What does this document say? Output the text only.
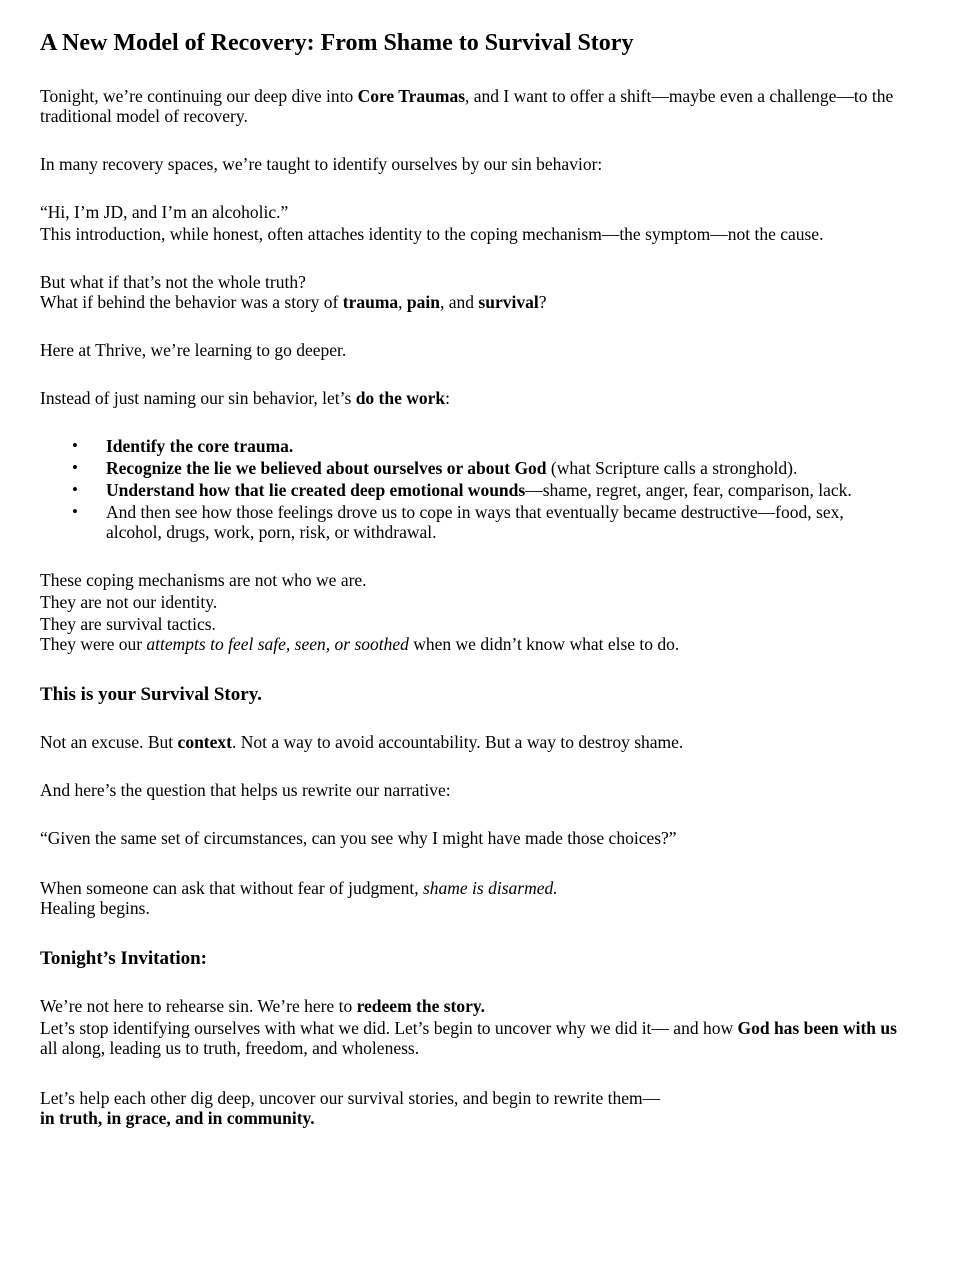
A New Model of Recovery: From Shame to Survival Story

Tonight, we’re continuing our deep dive into Core Traumas, and I want to offer a shift—maybe even a challenge—to the traditional model of recovery.

In many recovery spaces, we’re taught to identify ourselves by our sin behavior:

“Hi, I’m JD, and I’m an alcoholic.”

This introduction, while honest, often attaches identity to the coping mechanism—the symptom—not the cause.

But what if that’s not the whole truth?

What if behind the behavior was a story of trauma, pain, and survival?

Here at Thrive, we’re learning to go deeper.

Instead of just naming our sin behavior, let’s do the work:

• Identify the core trauma.
• Recognize the lie we believed about ourselves or about God (what Scripture calls a stronghold).
• Understand how that lie created deep emotional wounds—shame, regret, anger, fear, comparison, lack.
• And then see how those feelings drove us to cope in ways that eventually became destructive—food, sex, alcohol, drugs, work, porn, risk, or withdrawal.

These coping mechanisms are not who we are.

They are not our identity.

They are survival tactics.

They were our attempts to feel safe, seen, or soothed when we didn’t know what else to do.

This is your Survival Story.

Not an excuse. But context. Not a way to avoid accountability. But a way to destroy shame.

And here’s the question that helps us rewrite our narrative:

“Given the same set of circumstances, can you see why I might have made those choices?”

When someone can ask that without fear of judgment, shame is disarmed.

Healing begins.

Tonight’s Invitation:

We’re not here to rehearse sin. We’re here to redeem the story.

Let’s stop identifying ourselves with what we did. Let’s begin to uncover why we did it— and how God has been with us all along, leading us to truth, freedom, and wholeness.

Let’s help each other dig deep, uncover our survival stories, and begin to rewrite them—

in truth, in grace, and in community.
